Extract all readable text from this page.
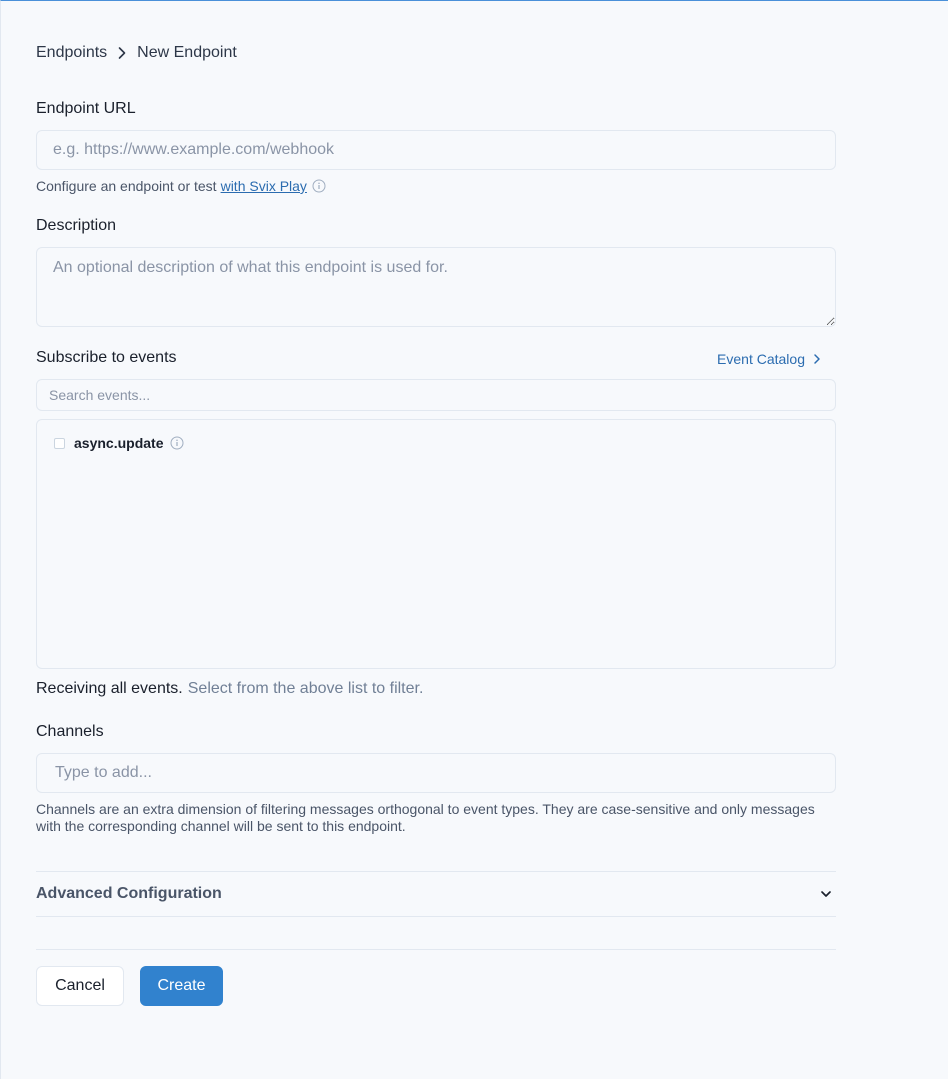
Endpoints New Endpoint
Endpoint URL
e.g. https://www.example.com/webhook
Configure an endpoint or test with Svix Play
Description
An optional description of what this endpoint is used for.
Subscribe to events	Event Catalog
Search events...
async.update
Receiving all events. Select from the above list to filter.
Channels
Type to add...

Channels are an extra dimension of filtering messages orthogonal to event types. They are case-sensitive and only messages with the corresponding channel will be sent to this endpoint.

Advanced Configuration
Cancel	Create
